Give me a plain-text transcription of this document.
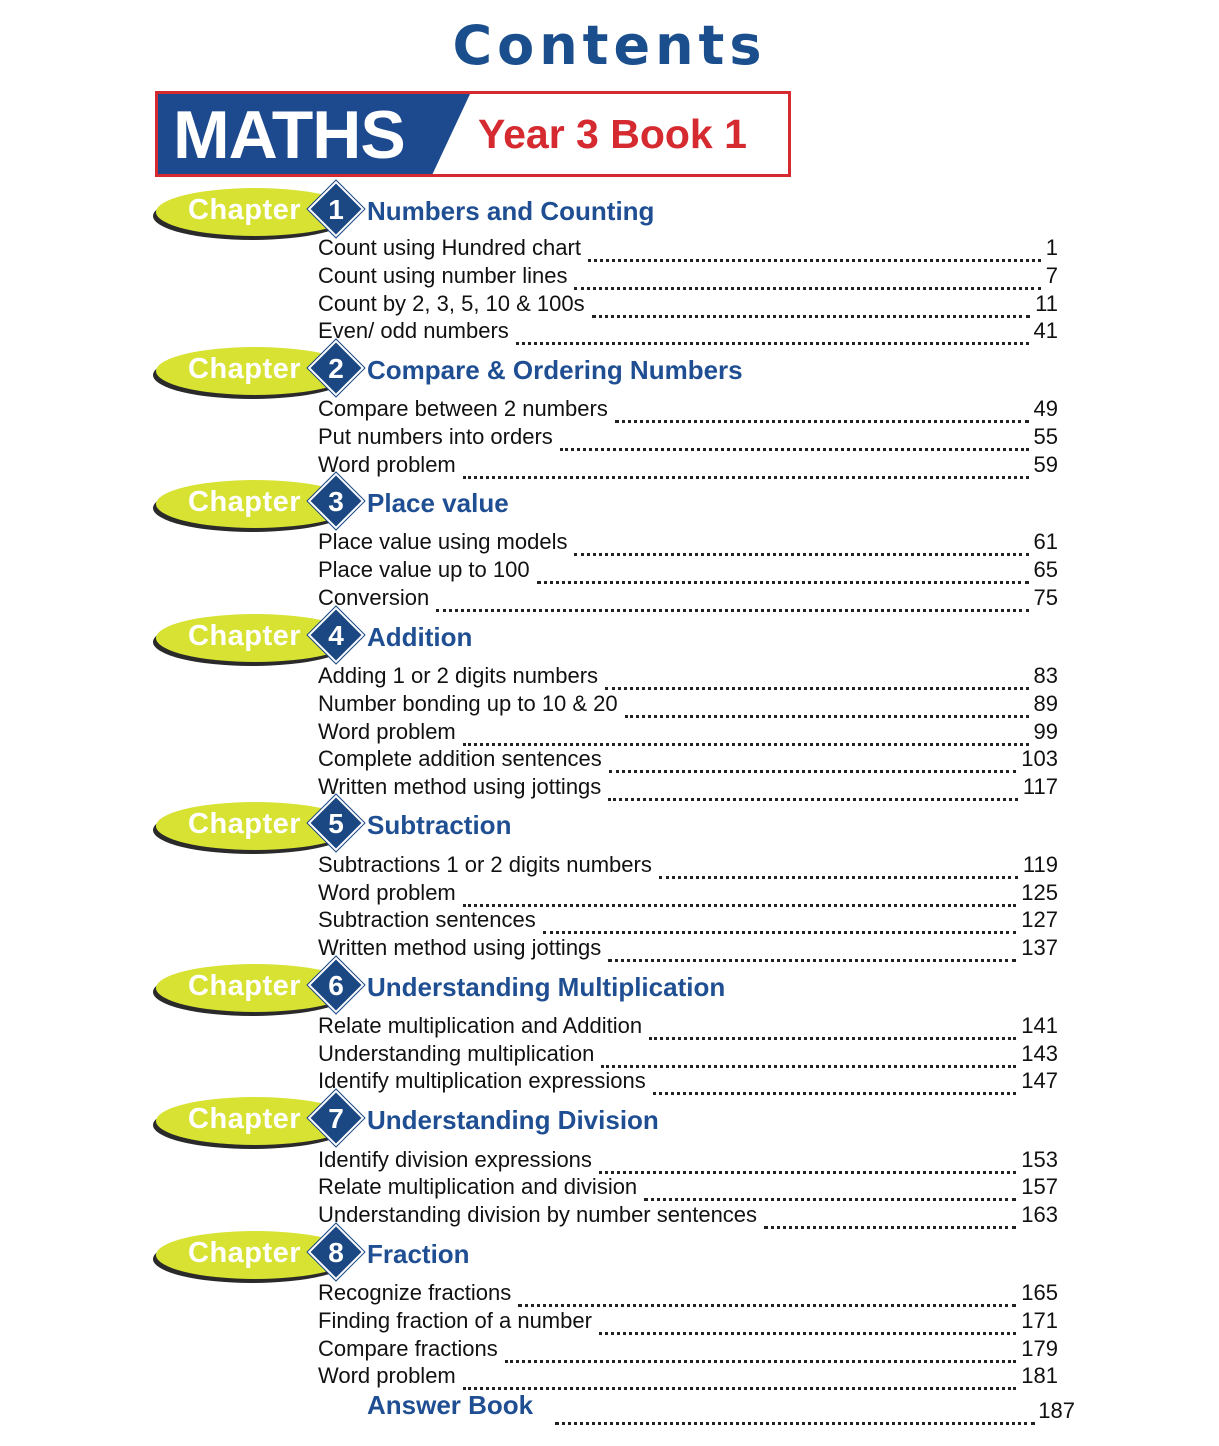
Contents
MATHS Year 3 Book 1
Chapter 1 Numbers and Counting
Count using Hundred chart	1
Count using number lines	7
Count by 2, 3, 5, 10 & 100s	11
Even/ odd numbers	41
Chapter 2 Compare & Ordering Numbers
Compare between 2 numbers	49
Put numbers into orders	55
Word problem	59
Chapter 3 Place value
Place value using models	61
Place value up to 100	65
Conversion	75
Chapter 4 Addition
Adding 1 or 2 digits numbers	83
Number bonding up to 10 & 20	89
Word problem	99
Complete addition sentences	103
Written method using jottings	117
Chapter 5 Subtraction
Subtractions 1 or 2 digits numbers	119
Word problem	125
Subtraction sentences	127
Written method using jottings	137
Chapter 6 Understanding Multiplication
Relate multiplication and Addition	141
Understanding multiplication	143
Identify multiplication expressions	147
Chapter 7 Understanding Division
Identify division expressions	153
Relate multiplication and division	157
Understanding division by number sentences	163
Chapter 8 Fraction
Recognize fractions	165
Finding fraction of a number	171
Compare fractions	179
Word problem	181
Answer Book	187
